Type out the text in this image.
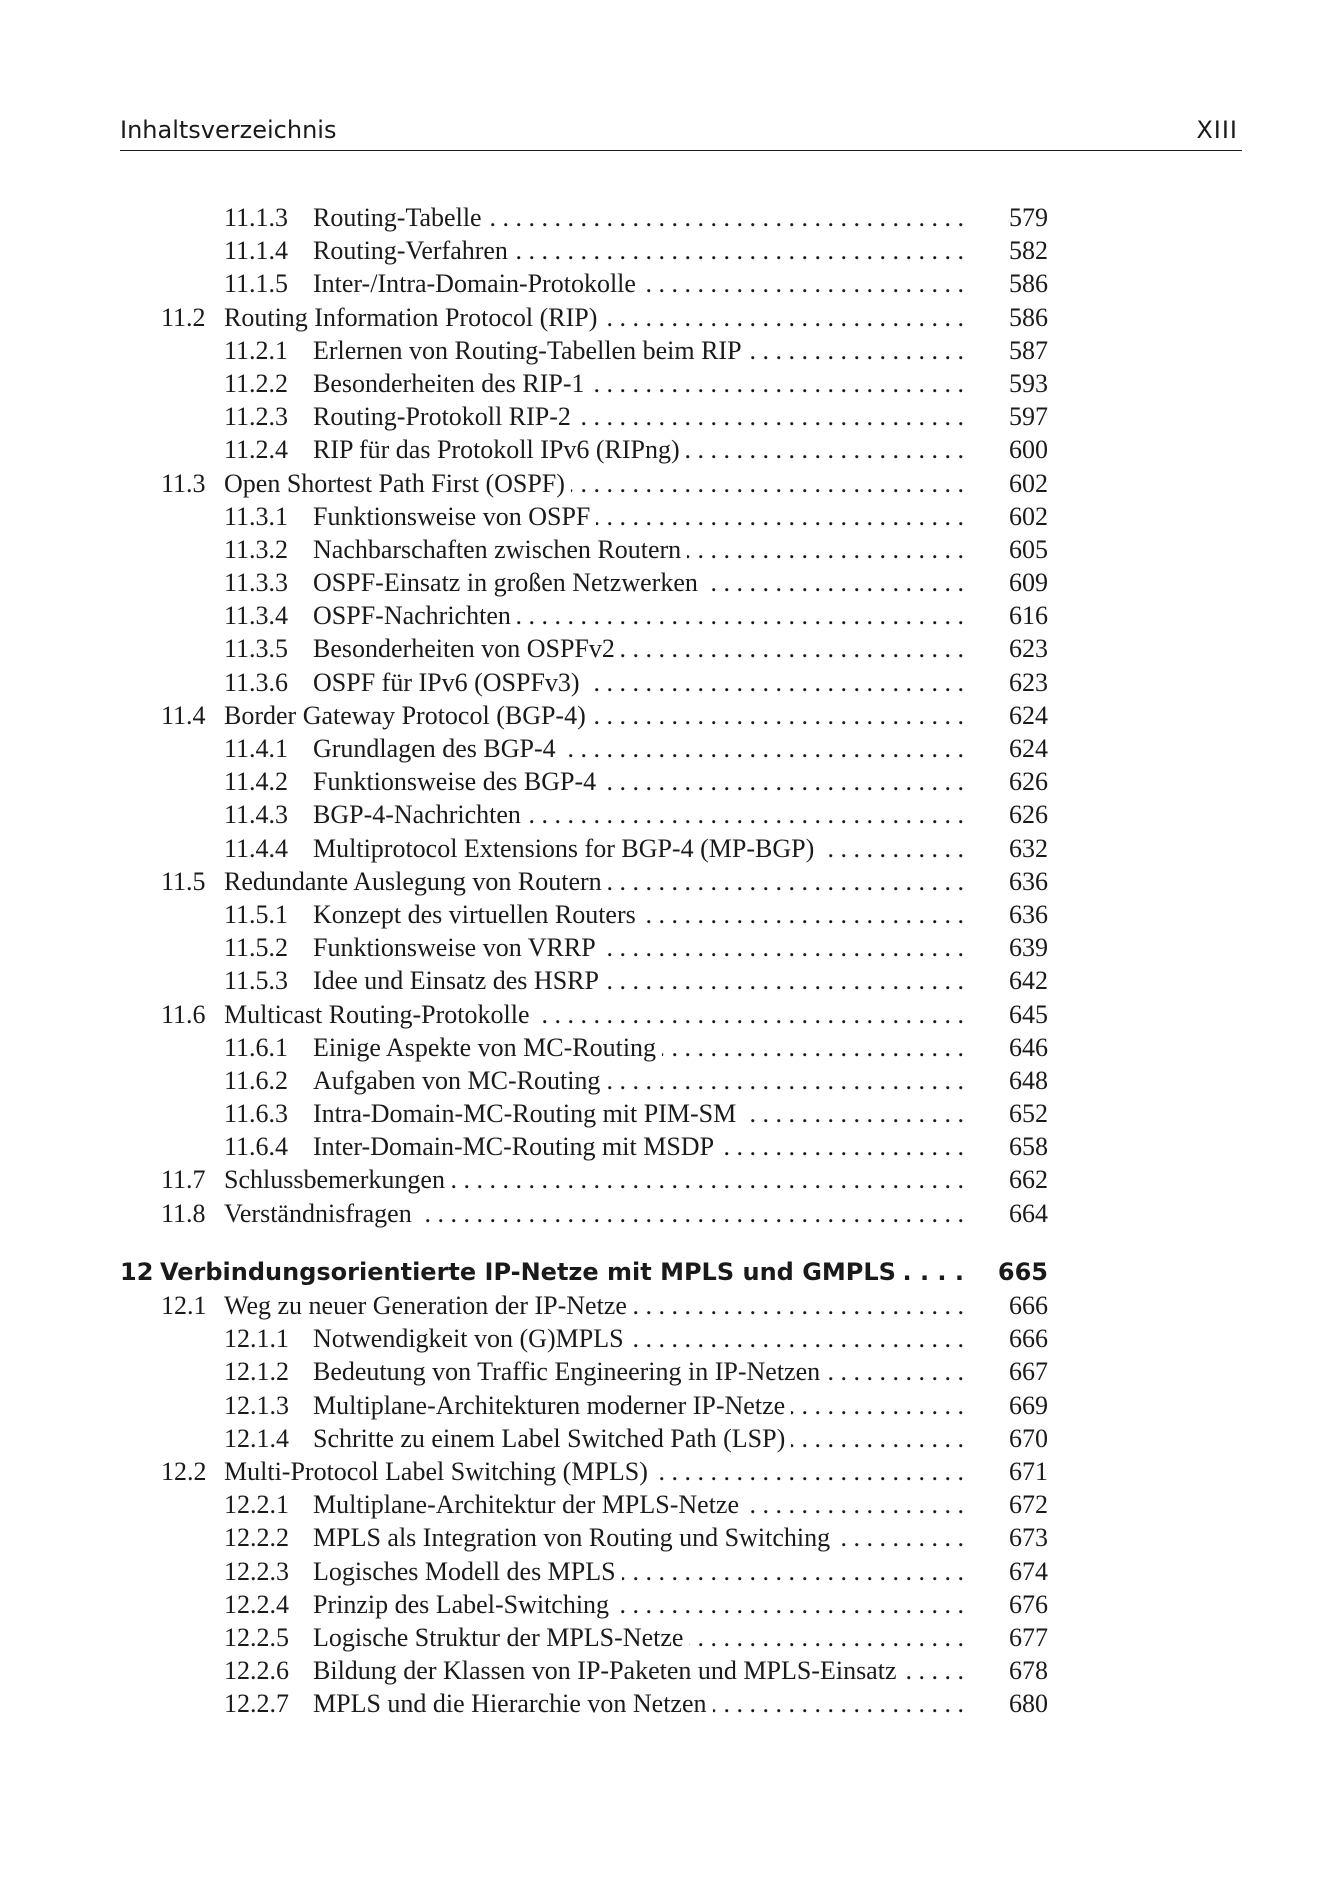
Inhaltsverzeichnis	XIII
11.1.3 Routing-Tabelle . . .	579
11.1.4 Routing-Verfahren . . .	582
11.1.5 Inter-/Intra-Domain-Protokolle . . .	586
11.2 Routing Information Protocol (RIP) . . .	586
11.2.1 Erlernen von Routing-Tabellen beim RIP . . .	587
11.2.2 Besonderheiten des RIP-1 . . .	593
11.2.3 Routing-Protokoll RIP-2 . . .	597
11.2.4 RIP für das Protokoll IPv6 (RIPng) . . .	600
11.3 Open Shortest Path First (OSPF) . . .	602
11.3.1 Funktionsweise von OSPF . . .	602
11.3.2 Nachbarschaften zwischen Routern . . .	605
11.3.3 OSPF-Einsatz in großen Netzwerken . . .	609
11.3.4 OSPF-Nachrichten . . .	616
11.3.5 Besonderheiten von OSPFv2 . . .	623
11.3.6 OSPF für IPv6 (OSPFv3) . . .	623
11.4 Border Gateway Protocol (BGP-4) . . .	624
11.4.1 Grundlagen des BGP-4 . . .	624
11.4.2 Funktionsweise des BGP-4 . . .	626
11.4.3 BGP-4-Nachrichten . . .	626
11.4.4 Multiprotocol Extensions for BGP-4 (MP-BGP) . . .	632
11.5 Redundante Auslegung von Routern . . .	636
11.5.1 Konzept des virtuellen Routers . . .	636
11.5.2 Funktionsweise von VRRP . . .	639
11.5.3 Idee und Einsatz des HSRP . . .	642
11.6 Multicast Routing-Protokolle . . .	645
11.6.1 Einige Aspekte von MC-Routing . . .	646
11.6.2 Aufgaben von MC-Routing . . .	648
11.6.3 Intra-Domain-MC-Routing mit PIM-SM . . .	652
11.6.4 Inter-Domain-MC-Routing mit MSDP . . .	658
11.7 Schlussbemerkungen . . .	662
11.8 Verständnisfragen . . .	664
12 Verbindungsorientierte IP-Netze mit MPLS und GMPLS . . .	665
12.1 Weg zu neuer Generation der IP-Netze . . .	666
12.1.1 Notwendigkeit von (G)MPLS . . .	666
12.1.2 Bedeutung von Traffic Engineering in IP-Netzen . . .	667
12.1.3 Multiplane-Architekturen moderner IP-Netze . . .	669
12.1.4 Schritte zu einem Label Switched Path (LSP) . . .	670
12.2 Multi-Protocol Label Switching (MPLS) . . .	671
12.2.1 Multiplane-Architektur der MPLS-Netze . . .	672
12.2.2 MPLS als Integration von Routing und Switching . . .	673
12.2.3 Logisches Modell des MPLS . . .	674
12.2.4 Prinzip des Label-Switching . . .	676
12.2.5 Logische Struktur der MPLS-Netze . . .	677
12.2.6 Bildung der Klassen von IP-Paketen und MPLS-Einsatz . . .	678
12.2.7 MPLS und die Hierarchie von Netzen . . .	680
